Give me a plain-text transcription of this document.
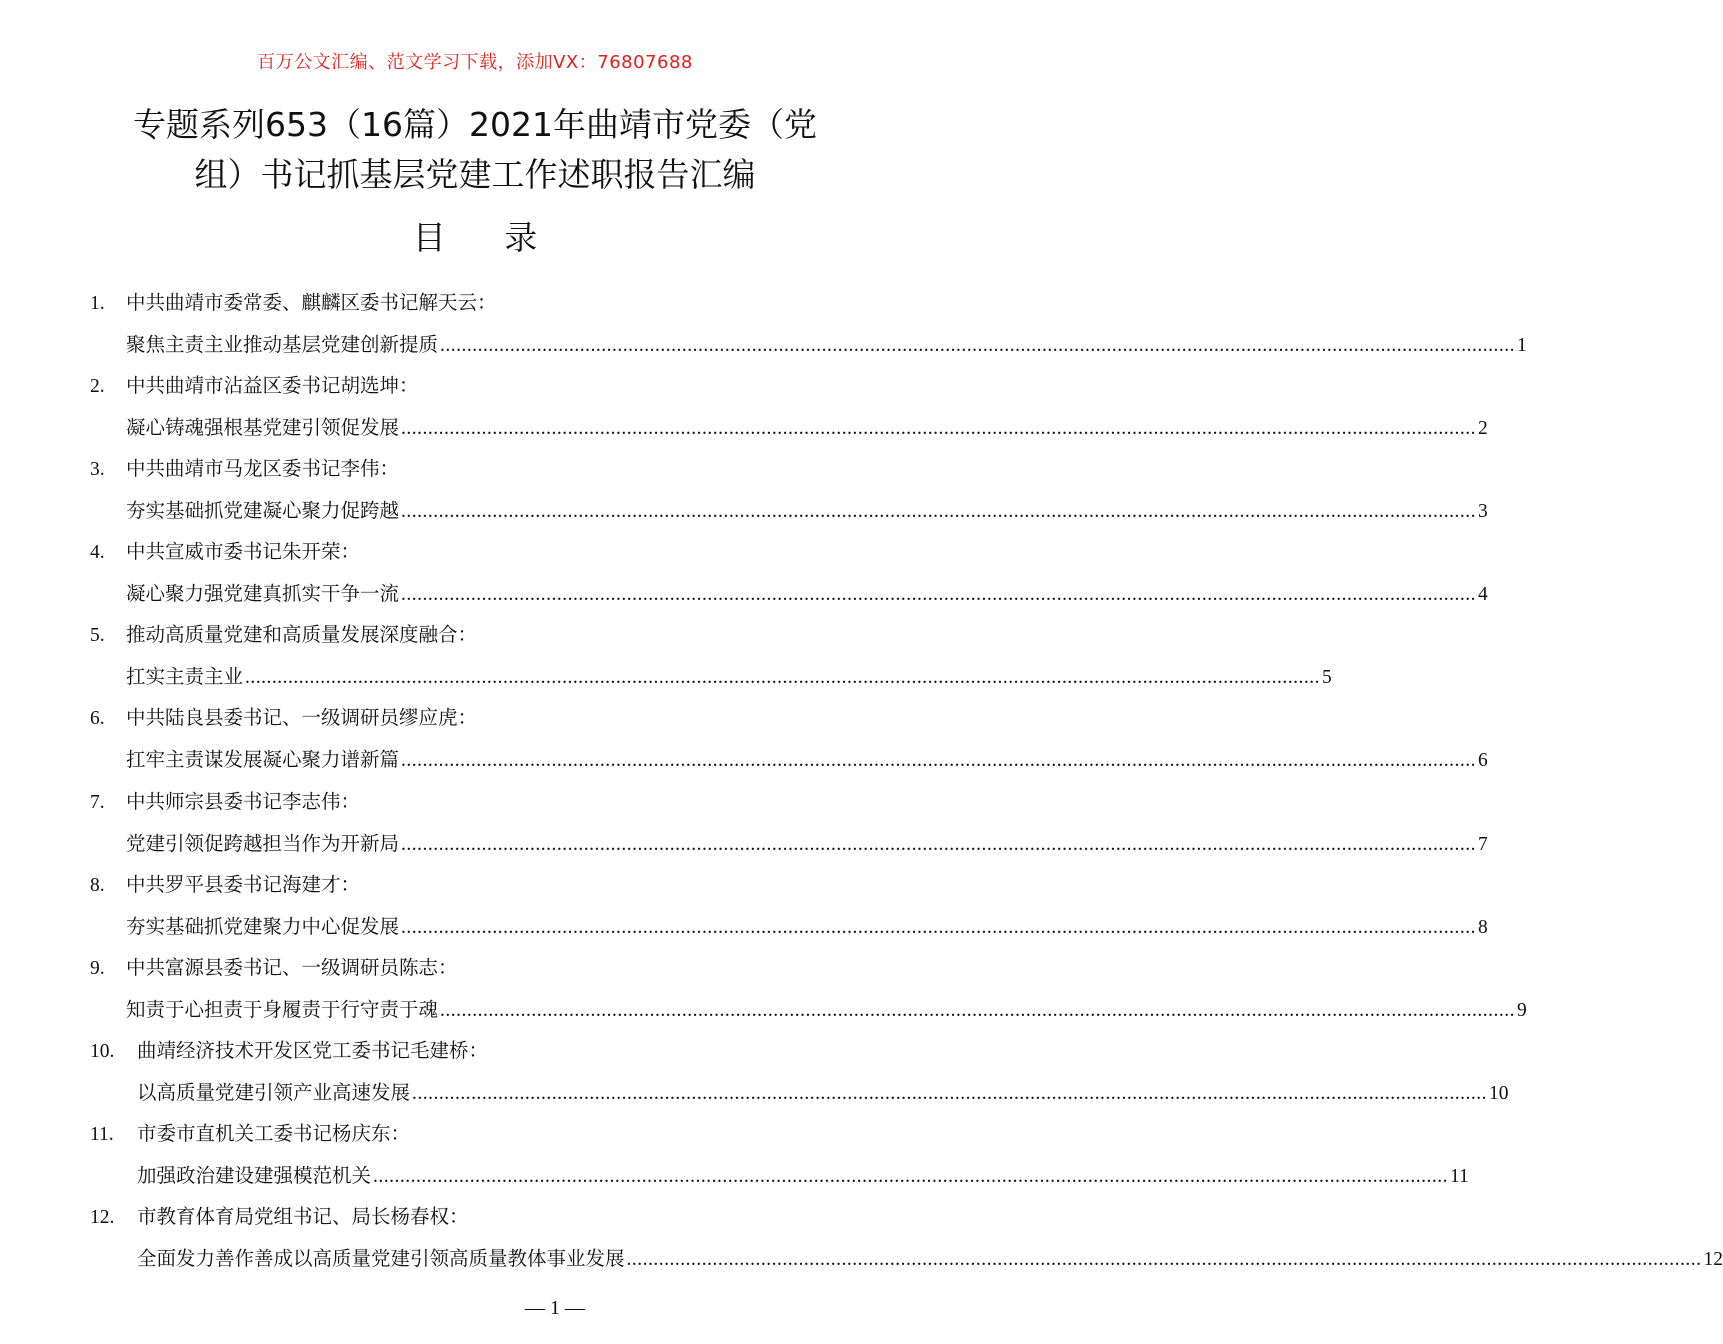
百万公文汇编、范文学习下载，添加VX：76807688
专题系列653（16篇）2021年曲靖市党委（党
组）书记抓基层党建工作述职报告汇编
目 录
1. 中共曲靖市委常委、麒麟区委书记解天云：
聚焦主责主业推动基层党建创新提质 ........................................................................................................................................................................................................ 1
2. 中共曲靖市沾益区委书记胡选坤：
凝心铸魂强根基党建引领促发展 ........................................................................................................................................................................................................ 2
3. 中共曲靖市马龙区委书记李伟：
夯实基础抓党建凝心聚力促跨越 ........................................................................................................................................................................................................ 3
4. 中共宣威市委书记朱开荣：
凝心聚力强党建真抓实干争一流 ........................................................................................................................................................................................................ 4
5. 推动高质量党建和高质量发展深度融合：
扛实主责主业 ........................................................................................................................................................................................................ 5
6. 中共陆良县委书记、一级调研员缪应虎：
扛牢主责谋发展凝心聚力谱新篇 ........................................................................................................................................................................................................ 6
7. 中共师宗县委书记李志伟：
党建引领促跨越担当作为开新局 ........................................................................................................................................................................................................ 7
8. 中共罗平县委书记海建才：
夯实基础抓党建聚力中心促发展 ........................................................................................................................................................................................................ 8
9. 中共富源县委书记、一级调研员陈志：
知责于心担责于身履责于行守责于魂 ........................................................................................................................................................................................................ 9
10. 曲靖经济技术开发区党工委书记毛建桥：
以高质量党建引领产业高速发展 ........................................................................................................................................................................................................ 10
11. 市委市直机关工委书记杨庆东：
加强政治建设建强模范机关 ........................................................................................................................................................................................................ 11
12. 市教育体育局党组书记、局长杨春权：
全面发力善作善成以高质量党建引领高质量教体事业发展 ........................................................................................................................................................................................................ 12
— 1 —
